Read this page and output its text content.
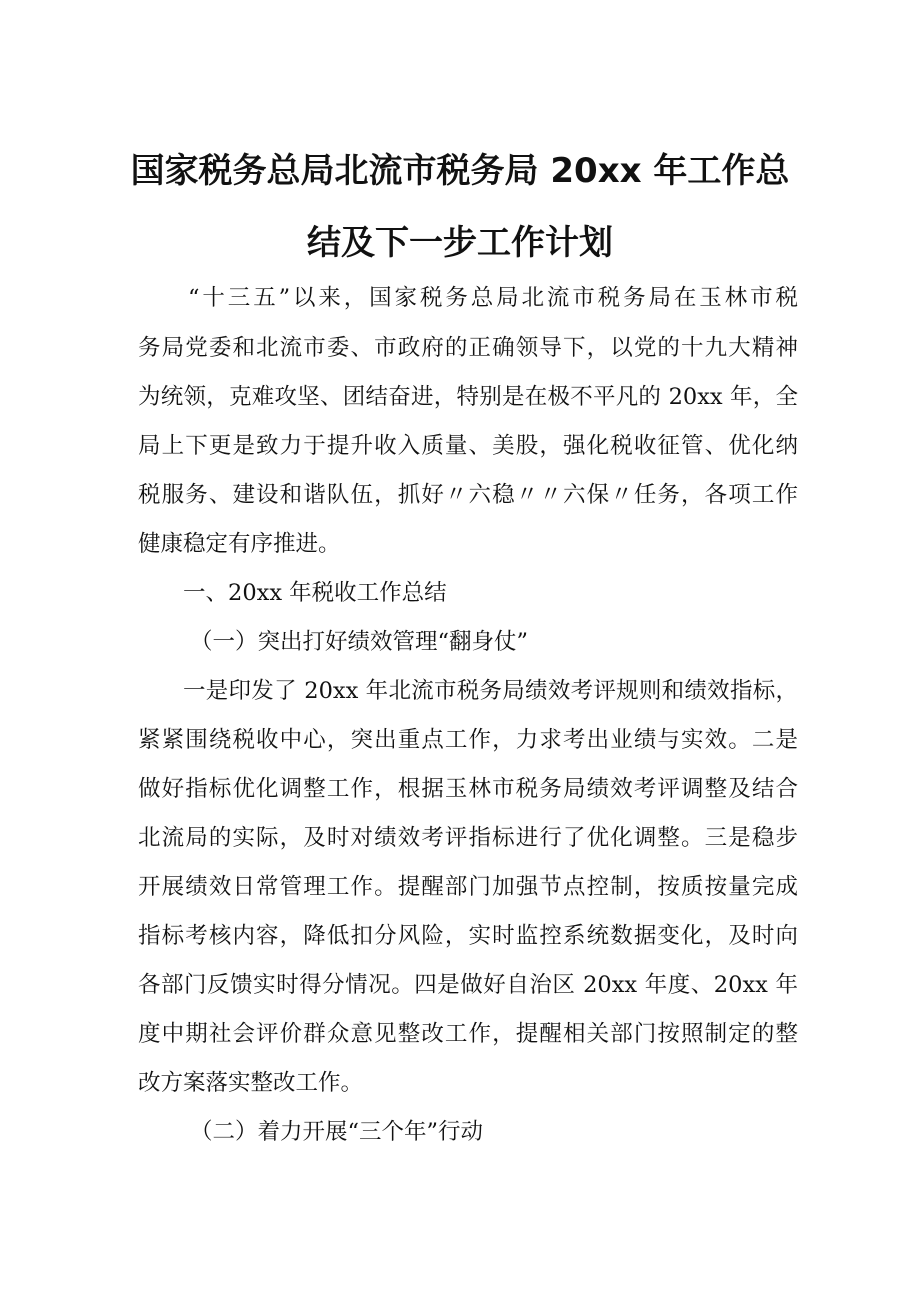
国家税务总局北流市税务局 20xx 年工作总
结及下一步工作计划
“十三五”以来，国家税务总局北流市税务局在玉林市税
务局党委和北流市委、市政府的正确领导下，以党的十九大精神
为统领，克难攻坚、团结奋进，特别是在极不平凡的 20xx 年，全
局上下更是致力于提升收入质量、美股，强化税收征管、优化纳
税服务、建设和谐队伍，抓好〃六稳〃〃六保〃任务，各项工作
健康稳定有序推进。
一、20xx 年税收工作总结
（一）突出打好绩效管理“翻身仗”
一是印发了 20xx 年北流市税务局绩效考评规则和绩效指标，
紧紧围绕税收中心，突出重点工作，力求考出业绩与实效。二是
做好指标优化调整工作，根据玉林市税务局绩效考评调整及结合
北流局的实际，及时对绩效考评指标进行了优化调整。三是稳步
开展绩效日常管理工作。提醒部门加强节点控制，按质按量完成
指标考核内容，降低扣分风险，实时监控系统数据变化，及时向
各部门反馈实时得分情况。四是做好自治区 20xx 年度、20xx 年
度中期社会评价群众意见整改工作，提醒相关部门按照制定的整
改方案落实整改工作。
（二）着力开展“三个年”行动
